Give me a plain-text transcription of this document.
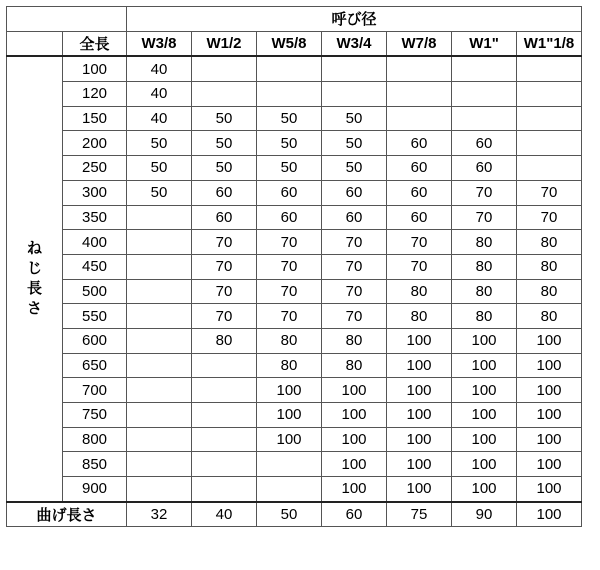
		呼び径						
	全長	W3/8	W1/2	W5/8	W3/4	W7/8	W1"	W1"1/8

ね
じ
長
さ	100	40						
	120	40						
	150	40	50	50	50			
	200	50	50	50	50	60	60	
	250	50	50	50	50	60	60	
	300	50	60	60	60	60	70	70
	350		60	60	60	60	70	70
	400		70	70	70	70	80	80
	450		70	70	70	70	80	80
	500		70	70	70	80	80	80
	550		70	70	70	80	80	80
	600		80	80	80	100	100	100
	650			80	80	100	100	100
	700			100	100	100	100	100
	750			100	100	100	100	100
	800			100	100	100	100	100
	850				100	100	100	100
	900				100	100	100	100
曲げ長さ		32	40	50	60	75	90	100
